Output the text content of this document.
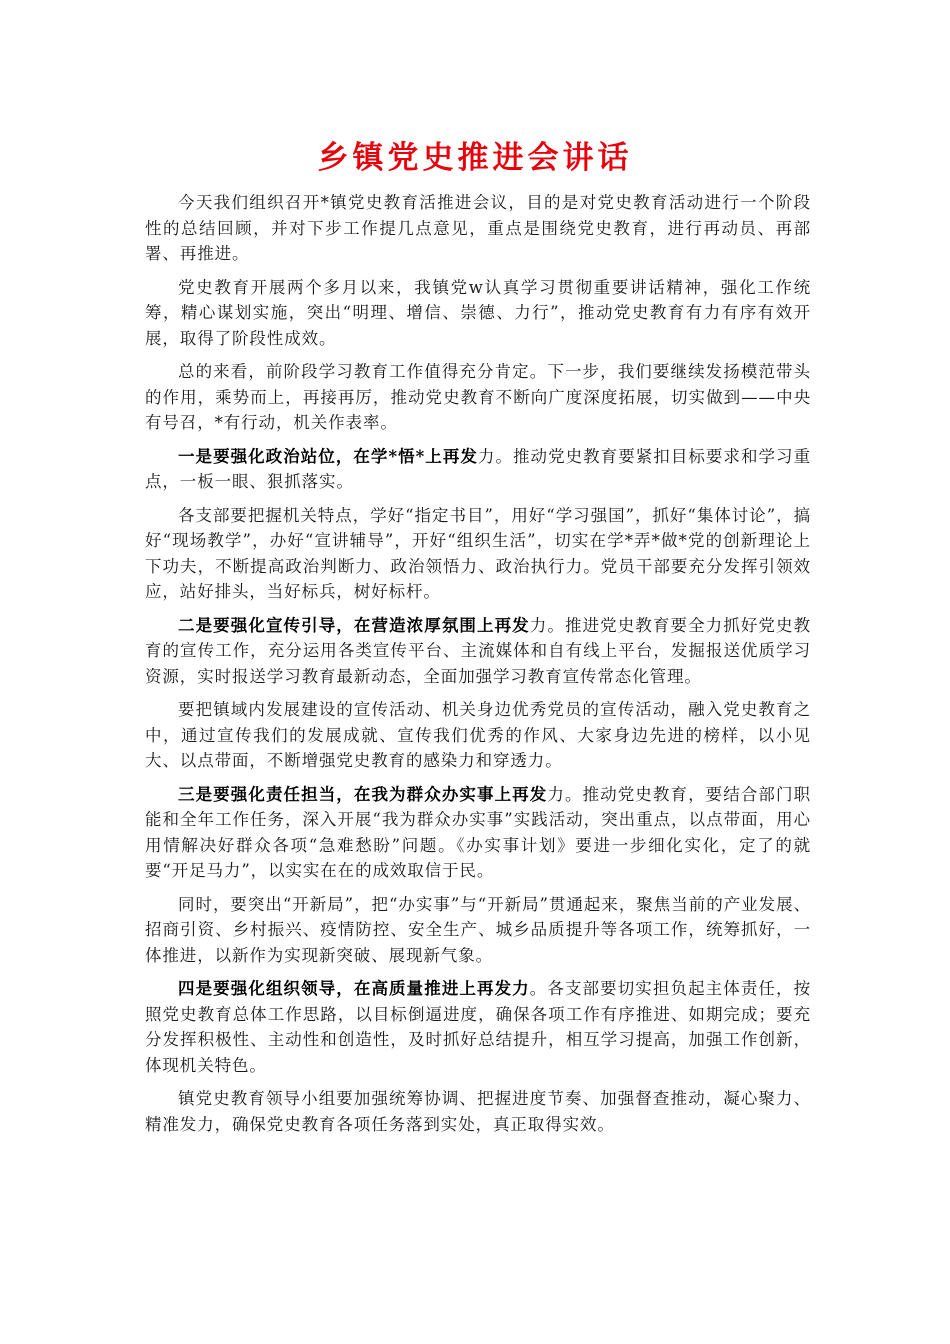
乡镇党史推进会讲话

今天我们组织召开*镇党史教育活推进会议，目的是对党史教育活动进行一个阶段性的总结回顾，并对下步工作提几点意见，重点是围绕党史教育，进行再动员、再部署、再推进。

党史教育开展两个多月以来，我镇党w认真学习贯彻重要讲话精神，强化工作统筹，精心谋划实施，突出“明理、增信、崇德、力行”，推动党史教育有力有序有效开展，取得了阶段性成效。

总的来看，前阶段学习教育工作值得充分肯定。下一步，我们要继续发扬模范带头的作用，乘势而上，再接再厉，推动党史教育不断向广度深度拓展，切实做到——中央有号召，*有行动，机关作表率。

一是要强化政治站位，在学*悟*上再发力。推动党史教育要紧扣目标要求和学习重点，一板一眼、狠抓落实。

各支部要把握机关特点，学好“指定书目”，用好“学习强国”，抓好“集体讨论”，搞好“现场教学”，办好“宣讲辅导”，开好“组织生活”，切实在学*弄*做*党的创新理论上下功夫，不断提高政治判断力、政治领悟力、政治执行力。党员干部要充分发挥引领效应，站好排头，当好标兵，树好标杆。

二是要强化宣传引导，在营造浓厚氛围上再发力。推进党史教育要全力抓好党史教育的宣传工作，充分运用各类宣传平台、主流媒体和自有线上平台，发掘报送优质学习资源，实时报送学习教育最新动态，全面加强学习教育宣传常态化管理。

要把镇域内发展建设的宣传活动、机关身边优秀党员的宣传活动，融入党史教育之中，通过宣传我们的发展成就、宣传我们优秀的作风、大家身边先进的榜样，以小见大、以点带面，不断增强党史教育的感染力和穿透力。

三是要强化责任担当，在我为群众办实事上再发力。推动党史教育，要结合部门职能和全年工作任务，深入开展“我为群众办实事”实践活动，突出重点，以点带面，用心用情解决好群众各项“急难愁盼”问题。《办实事计划》要进一步细化实化，定了的就要“开足马力”，以实实在在的成效取信于民。

同时，要突出“开新局”，把“办实事”与“开新局”贯通起来，聚焦当前的产业发展、招商引资、乡村振兴、疫情防控、安全生产、城乡品质提升等各项工作，统筹抓好，一体推进，以新作为实现新突破、展现新气象。

四是要强化组织领导，在高质量推进上再发力。各支部要切实担负起主体责任，按照党史教育总体工作思路，以目标倒逼进度，确保各项工作有序推进、如期完成；要充分发挥积极性、主动性和创造性，及时抓好总结提升，相互学习提高，加强工作创新，体现机关特色。

镇党史教育领导小组要加强统筹协调、把握进度节奏、加强督查推动，凝心聚力、精准发力，确保党史教育各项任务落到实处，真正取得实效。
